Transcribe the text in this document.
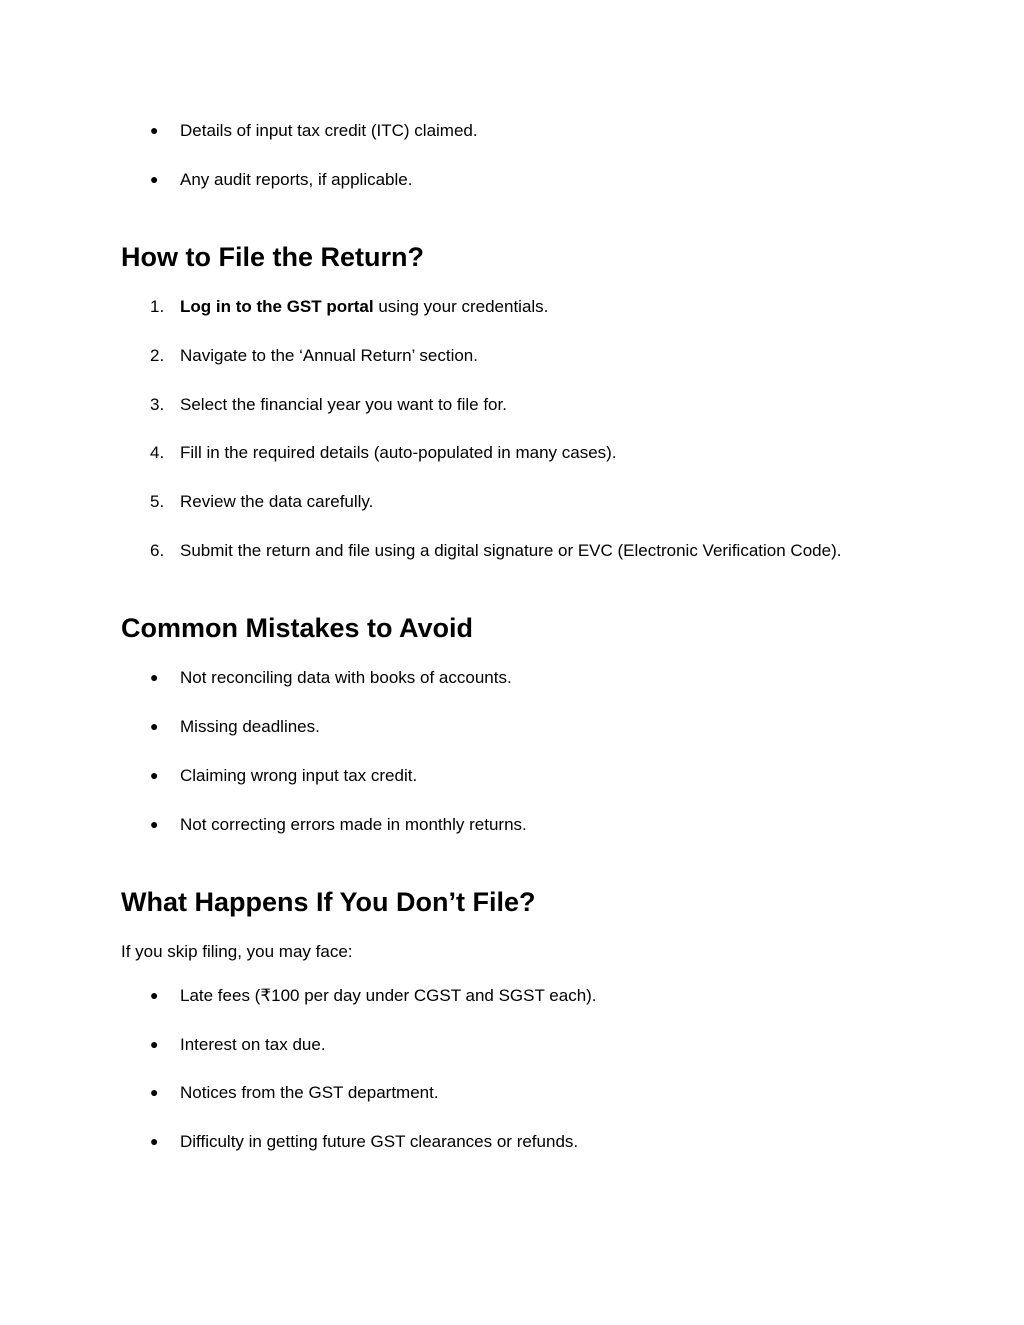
● Details of input tax credit (ITC) claimed.
● Any audit reports, if applicable.
How to File the Return?
1. Log in to the GST portal using your credentials.
2. Navigate to the ‘Annual Return’ section.
3. Select the financial year you want to file for.
4. Fill in the required details (auto-populated in many cases).
5. Review the data carefully.
6. Submit the return and file using a digital signature or EVC (Electronic Verification Code).
Common Mistakes to Avoid
● Not reconciling data with books of accounts.
● Missing deadlines.
● Claiming wrong input tax credit.
● Not correcting errors made in monthly returns.
What Happens If You Don’t File?
If you skip filing, you may face:
● Late fees (₹100 per day under CGST and SGST each).
● Interest on tax due.
● Notices from the GST department.
● Difficulty in getting future GST clearances or refunds.
